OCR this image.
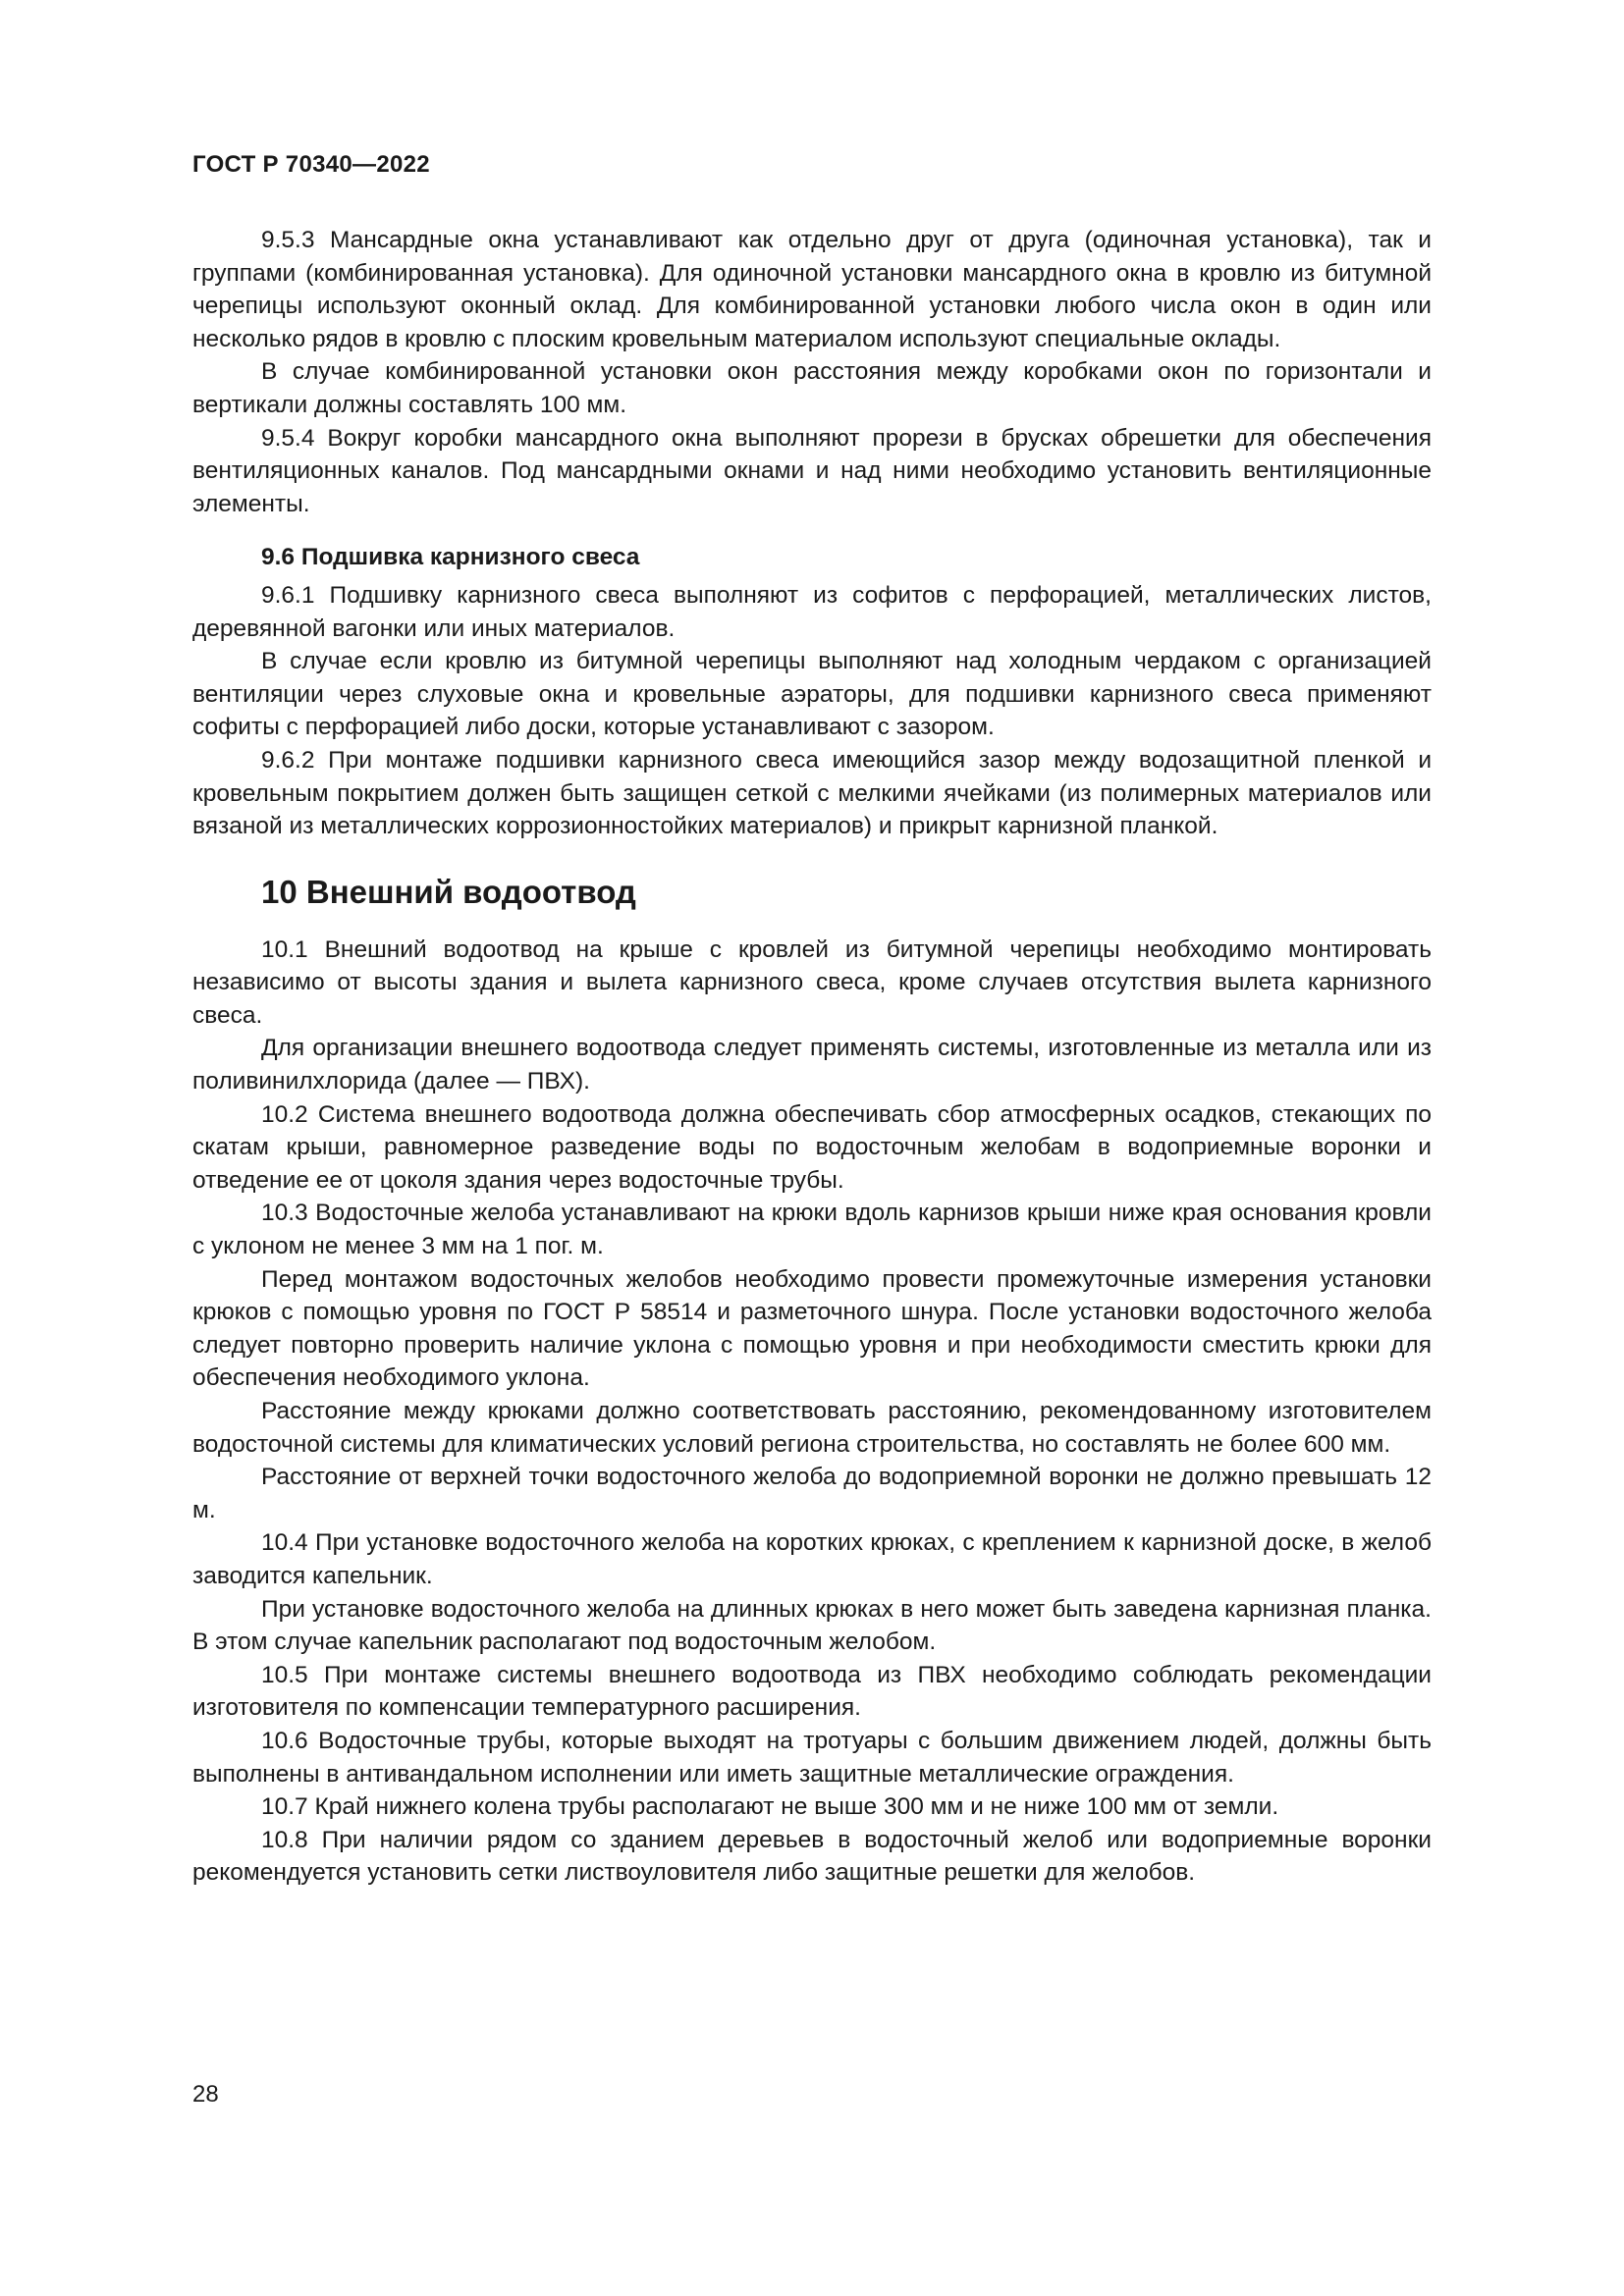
ГОСТ Р 70340—2022

9.5.3 Мансардные окна устанавливают как отдельно друг от друга (одиночная установка), так и группами (комбинированная установка). Для одиночной установки мансардного окна в кровлю из битумной черепицы используют оконный оклад. Для комбинированной установки любого числа окон в один или несколько рядов в кровлю с плоским кровельным материалом используют специальные оклады.

В случае комбинированной установки окон расстояния между коробками окон по горизонтали и вертикали должны составлять 100 мм.

9.5.4 Вокруг коробки мансардного окна выполняют прорези в брусках обрешетки для обеспечения вентиляционных каналов. Под мансардными окнами и над ними необходимо установить вентиляционные элементы.

9.6 Подшивка карнизного свеса

9.6.1 Подшивку карнизного свеса выполняют из софитов с перфорацией, металлических листов, деревянной вагонки или иных материалов.

В случае если кровлю из битумной черепицы выполняют над холодным чердаком с организацией вентиляции через слуховые окна и кровельные аэраторы, для подшивки карнизного свеса применяют софиты с перфорацией либо доски, которые устанавливают с зазором.

9.6.2 При монтаже подшивки карнизного свеса имеющийся зазор между водозащитной пленкой и кровельным покрытием должен быть защищен сеткой с мелкими ячейками (из полимерных материалов или вязаной из металлических коррозионностойких материалов) и прикрыт карнизной планкой.

10 Внешний водоотвод

10.1 Внешний водоотвод на крыше с кровлей из битумной черепицы необходимо монтировать независимо от высоты здания и вылета карнизного свеса, кроме случаев отсутствия вылета карнизного свеса.

Для организации внешнего водоотвода следует применять системы, изготовленные из металла или из поливинилхлорида (далее — ПВХ).

10.2 Система внешнего водоотвода должна обеспечивать сбор атмосферных осадков, стекающих по скатам крыши, равномерное разведение воды по водосточным желобам в водоприемные воронки и отведение ее от цоколя здания через водосточные трубы.

10.3 Водосточные желоба устанавливают на крюки вдоль карнизов крыши ниже края основания кровли с уклоном не менее 3 мм на 1 пог. м.

Перед монтажом водосточных желобов необходимо провести промежуточные измерения установки крюков с помощью уровня по ГОСТ Р 58514 и разметочного шнура. После установки водосточного желоба следует повторно проверить наличие уклона с помощью уровня и при необходимости сместить крюки для обеспечения необходимого уклона.

Расстояние между крюками должно соответствовать расстоянию, рекомендованному изготовителем водосточной системы для климатических условий региона строительства, но составлять не более 600 мм.

Расстояние от верхней точки водосточного желоба до водоприемной воронки не должно превышать 12 м.

10.4 При установке водосточного желоба на коротких крюках, с креплением к карнизной доске, в желоб заводится капельник.

При установке водосточного желоба на длинных крюках в него может быть заведена карнизная планка. В этом случае капельник располагают под водосточным желобом.

10.5 При монтаже системы внешнего водоотвода из ПВХ необходимо соблюдать рекомендации изготовителя по компенсации температурного расширения.

10.6 Водосточные трубы, которые выходят на тротуары с большим движением людей, должны быть выполнены в антивандальном исполнении или иметь защитные металлические ограждения.

10.7 Край нижнего колена трубы располагают не выше 300 мм и не ниже 100 мм от земли.

10.8 При наличии рядом со зданием деревьев в водосточный желоб или водоприемные воронки рекомендуется установить сетки листвоуловителя либо защитные решетки для желобов.

28
